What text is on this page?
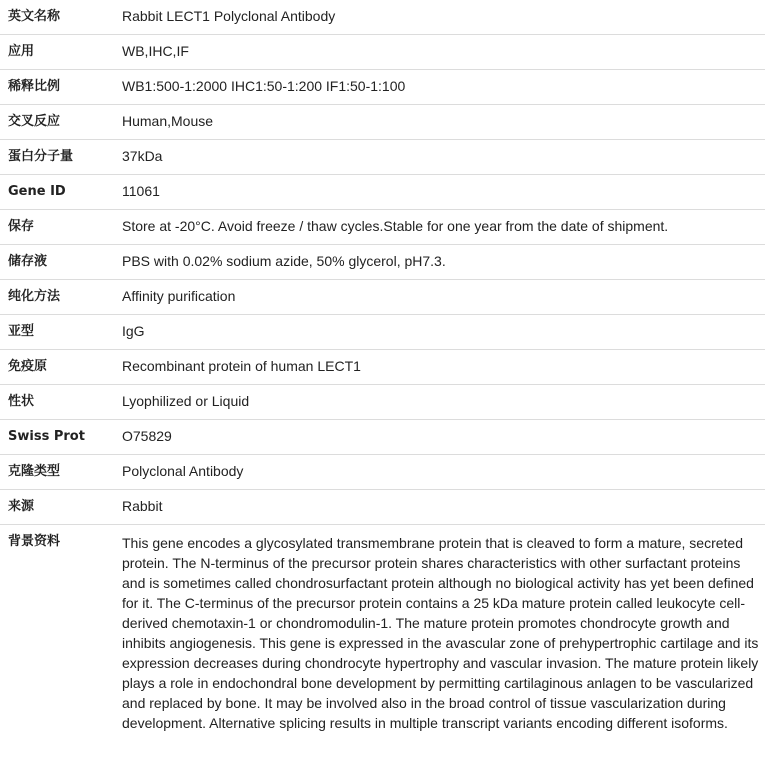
英文名称	Rabbit LECT1 Polyclonal Antibody
应用	WB,IHC,IF
稀释比例	WB1:500-1:2000 IHC1:50-1:200 IF1:50-1:100
交叉反应	Human,Mouse
蛋白分子量	37kDa
Gene ID	11061
保存	Store at -20°C. Avoid freeze / thaw cycles.Stable for one year from the date of shipment.
储存液	PBS with 0.02% sodium azide, 50% glycerol, pH7.3.
纯化方法	Affinity purification
亚型	IgG
免疫原	Recombinant protein of human LECT1
性状	Lyophilized or Liquid
Swiss Prot	O75829
克隆类型	Polyclonal Antibody
来源	Rabbit
背景资料	This gene encodes a glycosylated transmembrane protein that is cleaved to form a mature, secreted protein. The N-terminus of the precursor protein shares characteristics with other surfactant proteins and is sometimes called chondrosurfactant protein although no biological activity has yet been defined for it. The C-terminus of the precursor protein contains a 25 kDa mature protein called leukocyte cell-derived chemotaxin-1 or chondromodulin-1. The mature protein promotes chondrocyte growth and inhibits angiogenesis. This gene is expressed in the avascular zone of prehypertrophic cartilage and its expression decreases during chondrocyte hypertrophy and vascular invasion. The mature protein likely plays a role in endochondral bone development by permitting cartilaginous anlagen to be vascularized and replaced by bone. It may be involved also in the broad control of tissue vascularization during development. Alternative splicing results in multiple transcript variants encoding different isoforms.
